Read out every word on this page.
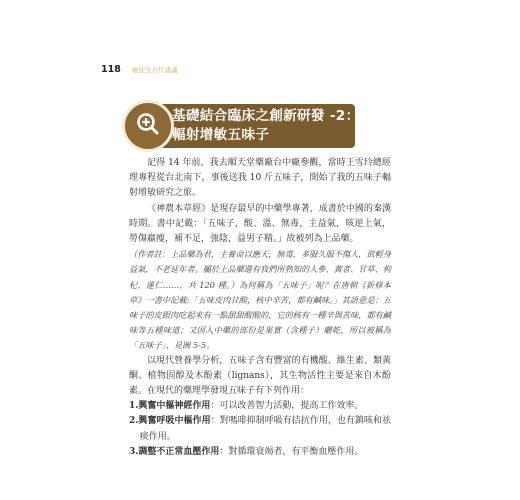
118 癌症全方位建議
基礎結合臨床之創新研發 -2：
輻射增敏五味子

記得 14 年前，我去順天堂藥廠台中廠參觀，當時王雪玲總經理專程從台北南下，事後送我 10 斤五味子，開始了我的五味子輻射增敏研究之旅。

《神農本草經》是現存最早的中藥學專著，成書於中國的秦漢時期。書中記載：「五味子，酸、溫、無毒，主益氣，咳逆上氣，勞傷羸瘦，補不足，強陰，益男子精。」故被列為上品藥。

（作者註：上品藥為君，主養命以應天，無毒，多服久服不傷人，欲輕身益氣，不老延年者。屬於上品藥還有我們所熟知的人參、黃者、甘草、枸杞、蓮仁……，共 120 種。）為何稱為「五味子」呢？在唐朝《新修本草》一書中記載:「五味皮肉甘酸，核中辛苦，都有鹹味。」其語意是：五味子的皮跟肉吃起來有一點甜甜酸酸的，它的核有一種辛與苦味，都有鹹味等五種味道；又因入中藥的部份是果實（含種子）曬乾，所以被稱為「五味子」，見圖 5-5。

以現代營養學分析，五味子含有豐富的有機酸、維生素、類黃酮、植物固醇及木酚素（lignans），其生物活性主要是來自木酚素。在現代的藥理學發現五味子有下列作用：

1.興奮中樞神經作用：可以改善智力活動，提高工作效率。

2.興奮呼吸中樞作用：對嗎啡抑制呼吸有拮抗作用，也有鎮咳和祛痰作用。

3.調整不正常血壓作用：對循環衰竭者，有平衡血壓作用。
